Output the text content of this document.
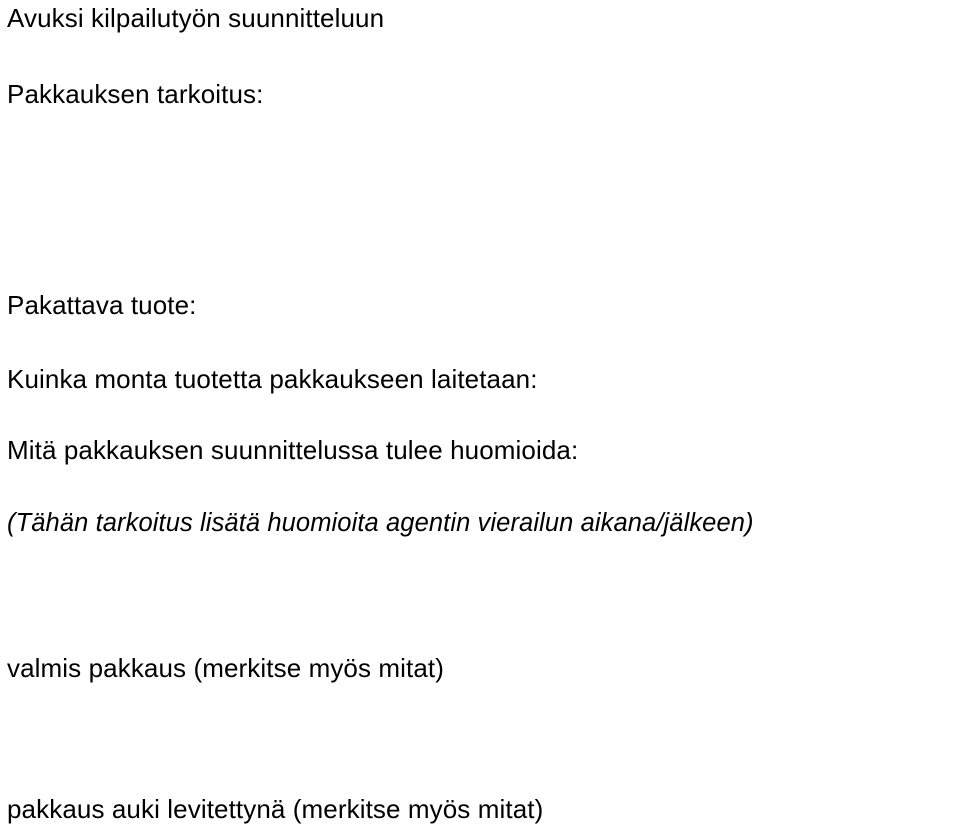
Avuksi kilpailutyön suunnitteluun
Pakkauksen tarkoitus:
Pakattava tuote:
Kuinka monta tuotetta pakkaukseen laitetaan:
Mitä pakkauksen suunnittelussa tulee huomioida:
(Tähän tarkoitus lisätä huomioita agentin vierailun aikana/jälkeen)
valmis pakkaus (merkitse myös mitat)
pakkaus auki levitettynä (merkitse myös mitat)
